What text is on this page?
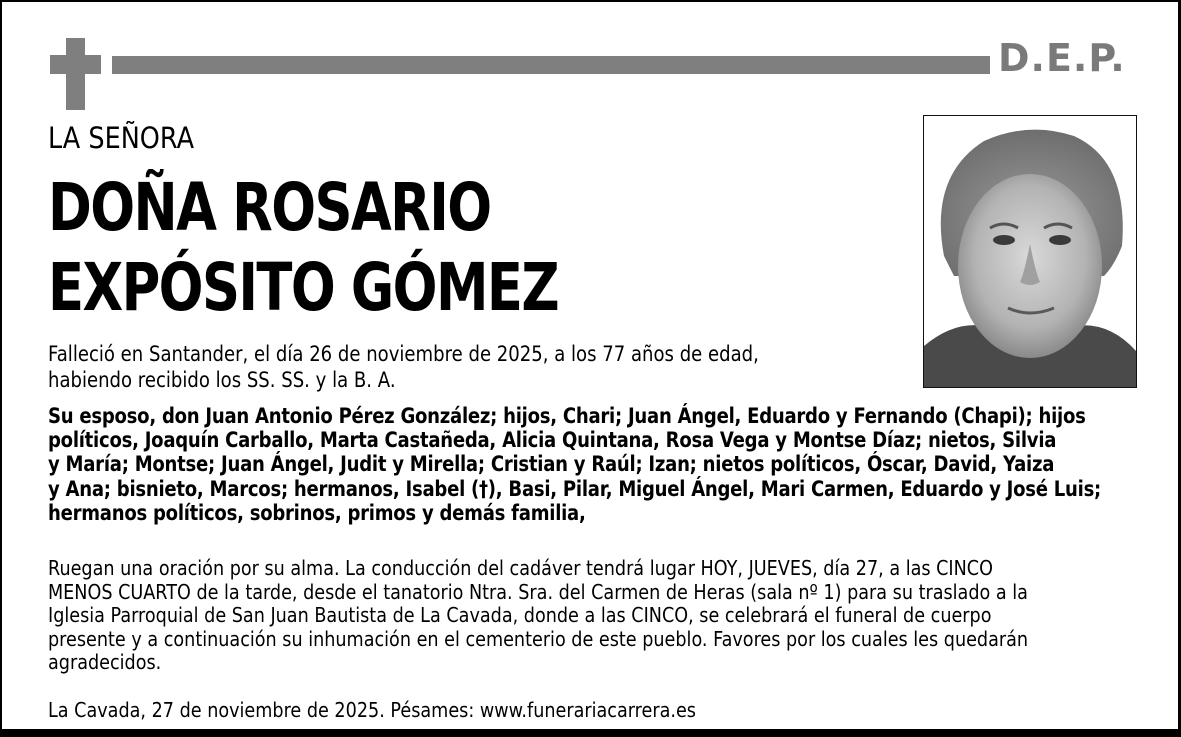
D.E.P.
LA SEÑORA
DOÑA ROSARIO
EXPÓSITO GÓMEZ
Falleció en Santander, el día 26 de noviembre de 2025, a los 77 años de edad,
habiendo recibido los SS. SS. y la B. A.
Su esposo, don Juan Antonio Pérez González; hijos, Chari; Juan Ángel, Eduardo y Fernando (Chapi); hijos
políticos, Joaquín Carballo, Marta Castañeda, Alicia Quintana, Rosa Vega y Montse Díaz; nietos, Silvia
y María; Montse; Juan Ángel, Judit y Mirella; Cristian y Raúl; Izan; nietos políticos, Óscar, David, Yaiza
y Ana; bisnieto, Marcos; hermanos, Isabel (†), Basi, Pilar, Miguel Ángel, Mari Carmen, Eduardo y José Luis;
hermanos políticos, sobrinos, primos y demás familia,
Ruegan una oración por su alma. La conducción del cadáver tendrá lugar HOY, JUEVES, día 27, a las CINCO
MENOS CUARTO de la tarde, desde el tanatorio Ntra. Sra. del Carmen de Heras (sala nº 1) para su traslado a la
Iglesia Parroquial de San Juan Bautista de La Cavada, donde a las CINCO, se celebrará el funeral de cuerpo
presente y a continuación su inhumación en el cementerio de este pueblo. Favores por los cuales les quedarán
agradecidos.
La Cavada, 27 de noviembre de 2025. Pésames: www.funerariacarrera.es
